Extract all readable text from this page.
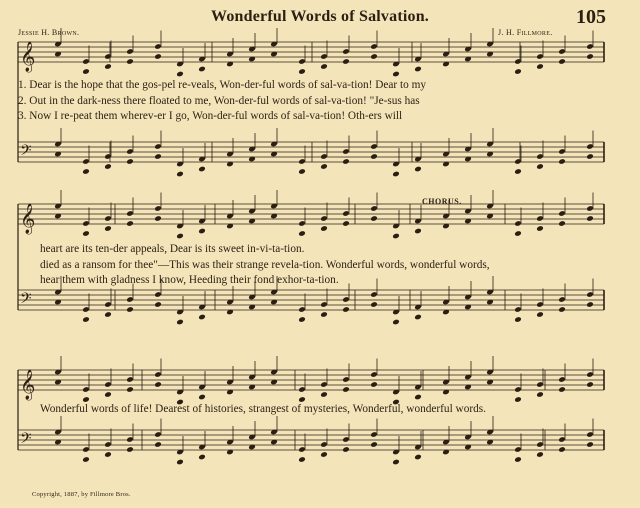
Wonderful Words of Salvation.	105
Jessie H. Brown.	J. H. Fillmore.
𝄞
𝄢
𝄞
𝄢
𝄞
𝄢
1. Dear is the hope that the gos-pel re-veals, Won-der-ful words of sal-va-tion! Dear to my
2. Out in the dark-ness there floated to me, Won-der-ful words of sal-va-tion! "Je-sus has
3. Now I re-peat them wherev-er I go, Won-der-ful words of sal-va-tion! Oth-ers will
CHORUS.
heart are its ten-der appeals, Dear is its sweet in-vi-ta-tion.
died as a ransom for thee"—This was their strange revela-tion. Wonderful words, wonderful words,
hear them with gladness I know, Heeding their fond exhor-ta-tion.
Wonderful words of life! Dearest of histories, strangest of mysteries, Wonderful, wonderful words.
Copyright, 1887, by Fillmore Bros.
